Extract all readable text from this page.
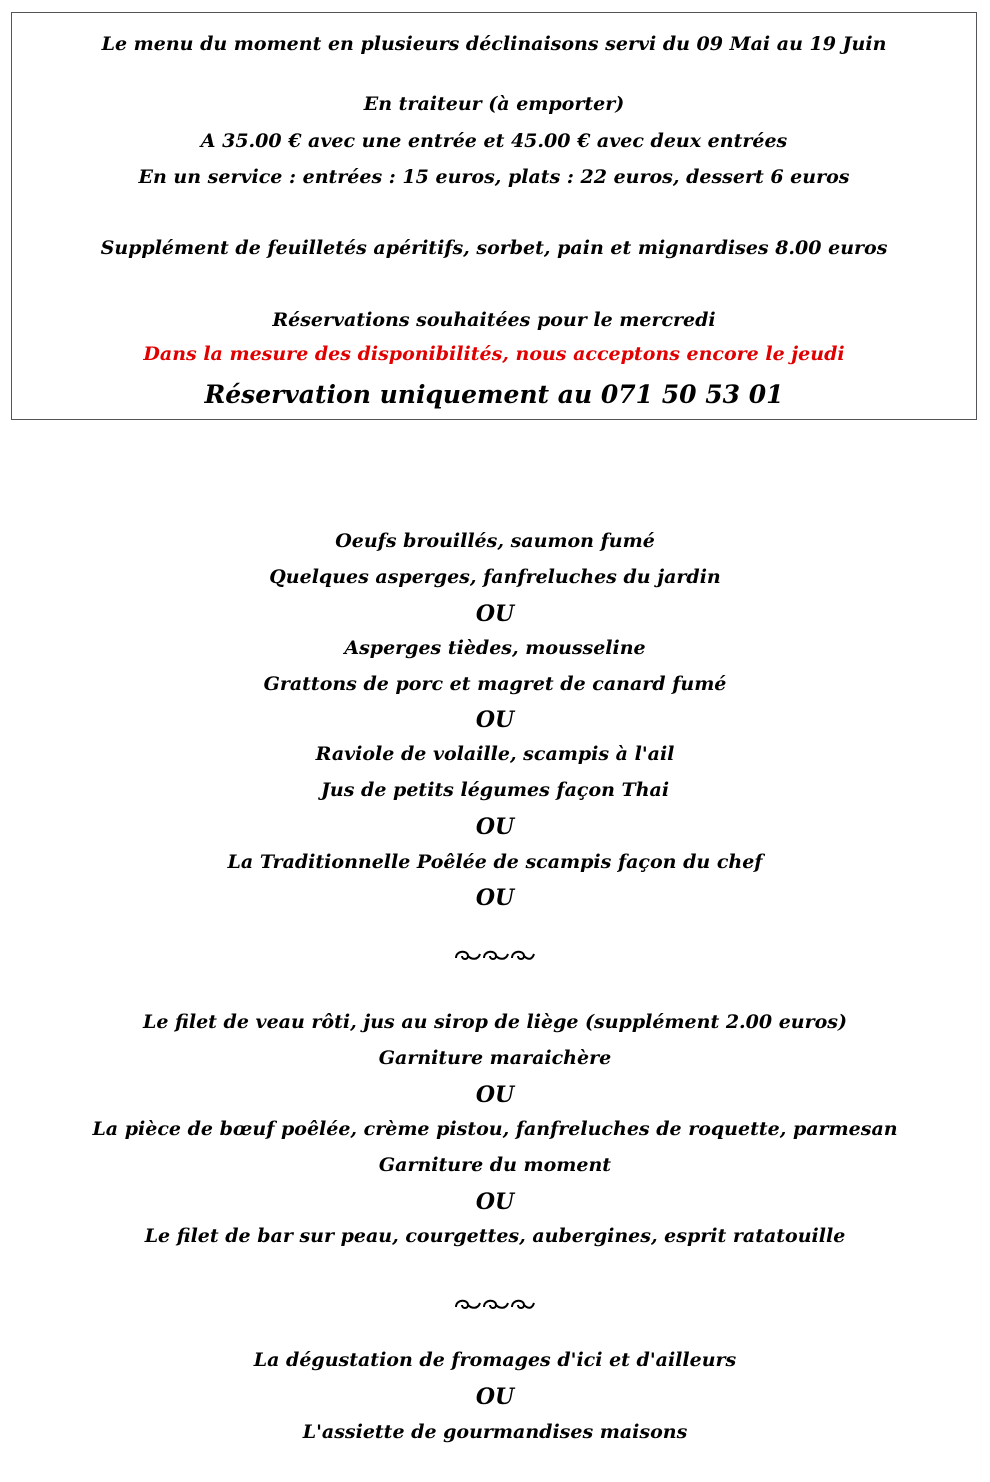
Le menu du moment en plusieurs déclinaisons servi du 09 Mai au 19 Juin
En traiteur (à emporter)
A 35.00 € avec une entrée et 45.00 € avec deux entrées
En un service : entrées : 15 euros, plats : 22 euros, dessert 6 euros
Supplément de feuilletés apéritifs, sorbet, pain et mignardises 8.00 euros
Réservations souhaitées pour le mercredi
Dans la mesure des disponibilités, nous acceptons encore le jeudi
Réservation uniquement au 071 50 53 01
Oeufs brouillés, saumon fumé
Quelques asperges, fanfreluches du jardin
OU
Asperges tièdes, mousseline
Grattons de porc et magret de canard fumé
OU
Raviole de volaille, scampis à l'ail
Jus de petits légumes façon Thai
OU
La Traditionnelle Poêlée de scampis façon du chef
OU
Le filet de veau rôti, jus au sirop de liège (supplément 2.00 euros)
Garniture maraichère
OU
La pièce de bœuf poêlée, crème pistou, fanfreluches de roquette, parmesan
Garniture du moment
OU
Le filet de bar sur peau, courgettes, aubergines, esprit ratatouille
La dégustation de fromages d'ici et d'ailleurs
OU
L'assiette de gourmandises maisons
